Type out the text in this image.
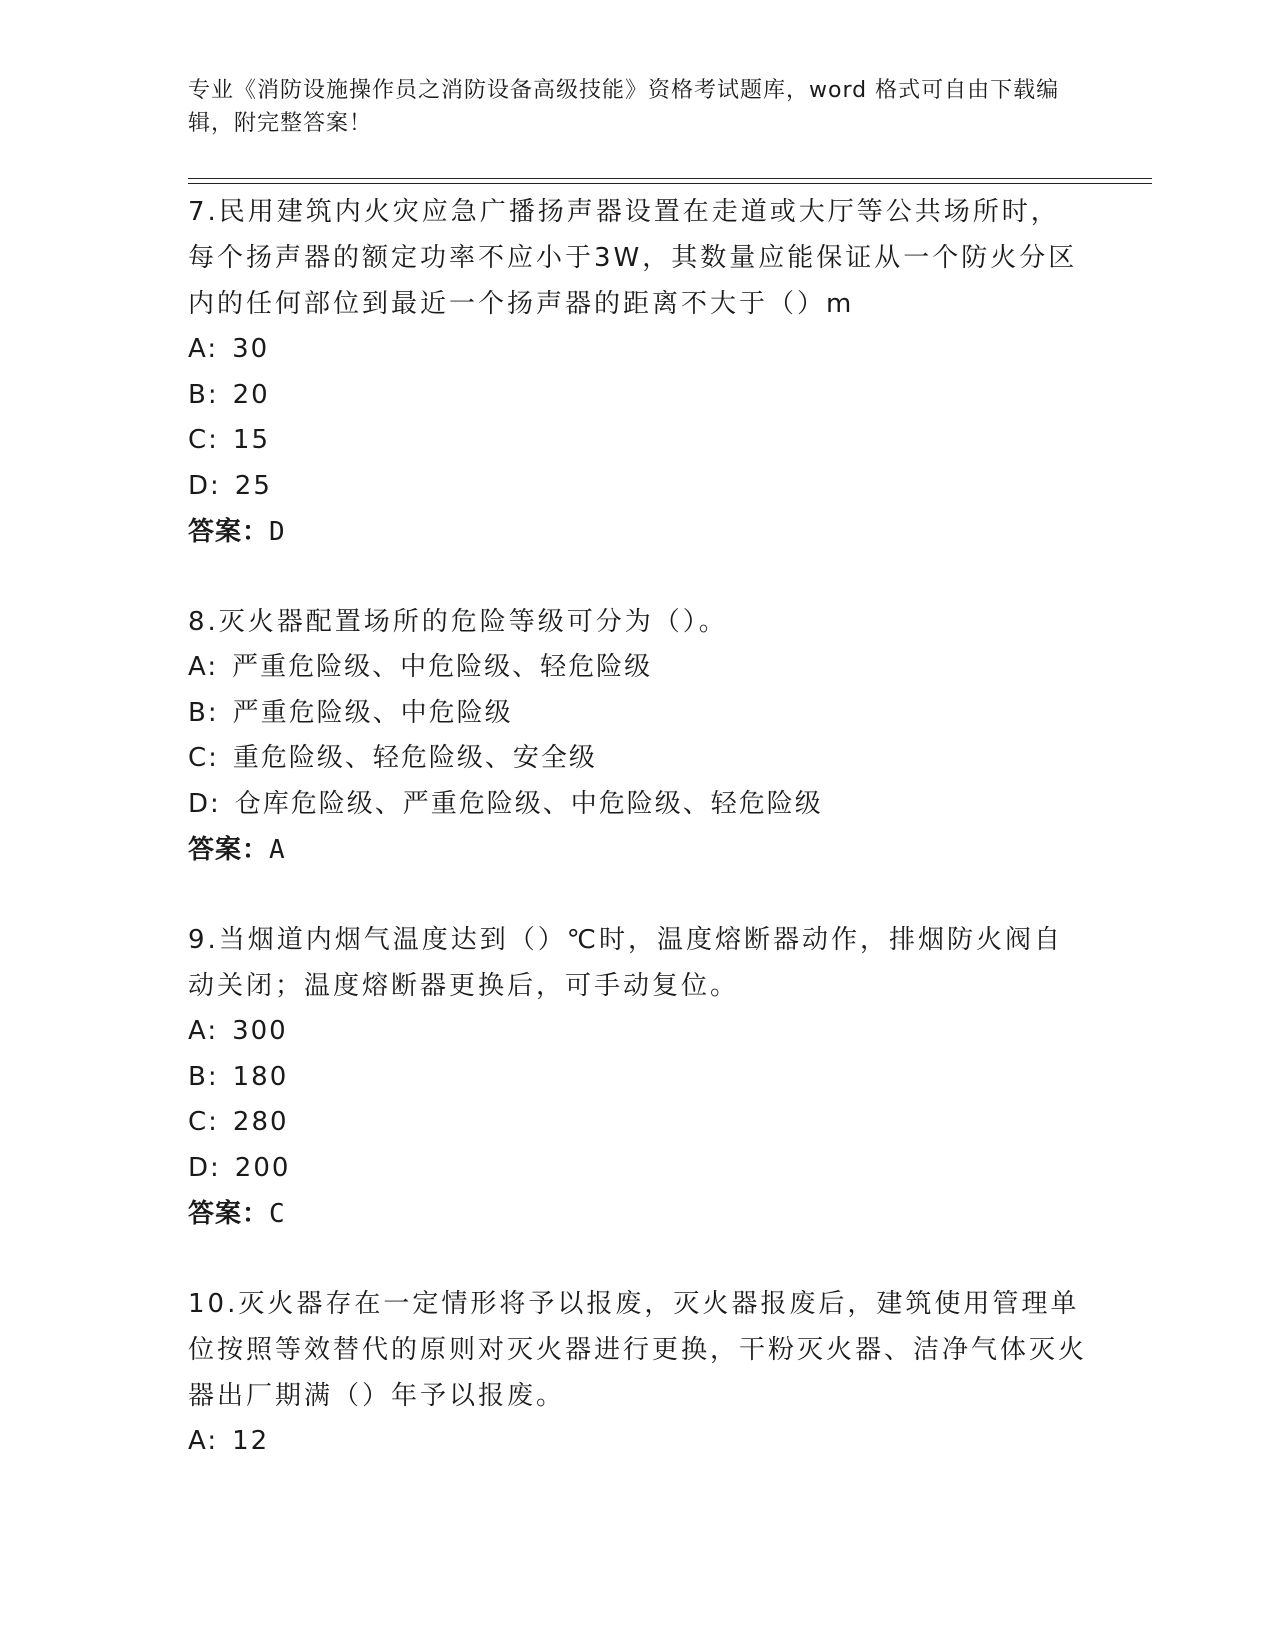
专业《消防设施操作员之消防设备高级技能》资格考试题库，word 格式可自由下载编辑，附完整答案！
7.民用建筑内火灾应急广播扬声器设置在走道或大厅等公共场所时，每个扬声器的额定功率不应小于3W，其数量应能保证从一个防火分区内的任何部位到最近一个扬声器的距离不大于（）m
A: 30
B: 20
C: 15
D: 25
答案：D
8.灭火器配置场所的危险等级可分为（）。
A: 严重危险级、中危险级、轻危险级
B: 严重危险级、中危险级
C: 重危险级、轻危险级、安全级
D: 仓库危险级、严重危险级、中危险级、轻危险级
答案：A
9.当烟道内烟气温度达到（）℃时，温度熔断器动作，排烟防火阀自动关闭；温度熔断器更换后，可手动复位。
A: 300
B: 180
C: 280
D: 200
答案：C
10.灭火器存在一定情形将予以报废，灭火器报废后，建筑使用管理单位按照等效替代的原则对灭火器进行更换，干粉灭火器、洁净气体灭火器出厂期满（）年予以报废。
A: 12
